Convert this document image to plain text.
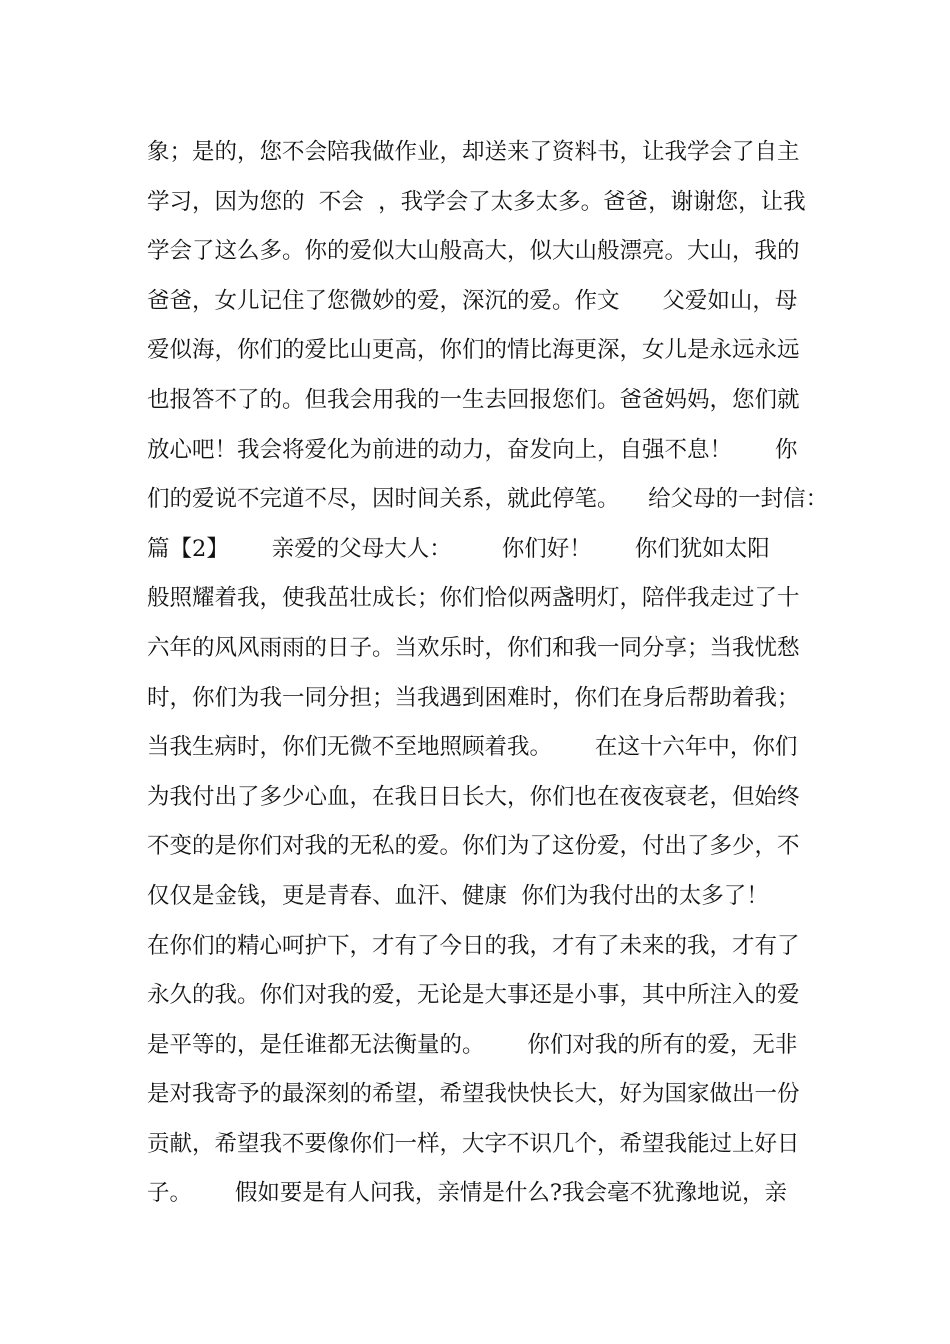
象；是的，您不会陪我做作业，却送来了资料书，让我学会了自主
学习，因为您的  不会  ，我学会了太多太多。爸爸，谢谢您，让我
学会了这么多。你的爱似大山般高大，似大山般漂亮。大山，我的
爸爸，女儿记住了您微妙的爱，深沉的爱。作文      父爱如山，母
爱似海，你们的爱比山更高，你们的情比海更深，女儿是永远永远
也报答不了的。但我会用我的一生去回报您们。爸爸妈妈，您们就
放心吧！我会将爱化为前进的动力，奋发向上，自强不息！      你
们的爱说不完道不尽，因时间关系，就此停笔。    给父母的一封信：
篇【2】      亲爱的父母大人：       你们好！      你们犹如太阳
般照耀着我，使我茁壮成长；你们恰似两盏明灯，陪伴我走过了十
六年的风风雨雨的日子。当欢乐时，你们和我一同分享；当我忧愁
时，你们为我一同分担；当我遇到困难时，你们在身后帮助着我；
当我生病时，你们无微不至地照顾着我。      在这十六年中，你们
为我付出了多少心血，在我日日长大，你们也在夜夜衰老，但始终
不变的是你们对我的无私的爱。你们为了这份爱，付出了多少，不
仅仅是金钱，更是青春、血汗、健康  你们为我付出的太多了！
在你们的精心呵护下，才有了今日的我，才有了未来的我，才有了
永久的我。你们对我的爱，无论是大事还是小事，其中所注入的爱
是平等的，是任谁都无法衡量的。      你们对我的所有的爱，无非
是对我寄予的最深刻的希望，希望我快快长大，好为国家做出一份
贡献，希望我不要像你们一样，大字不识几个，希望我能过上好日
子。      假如要是有人问我，亲情是什么?我会毫不犹豫地说，亲
